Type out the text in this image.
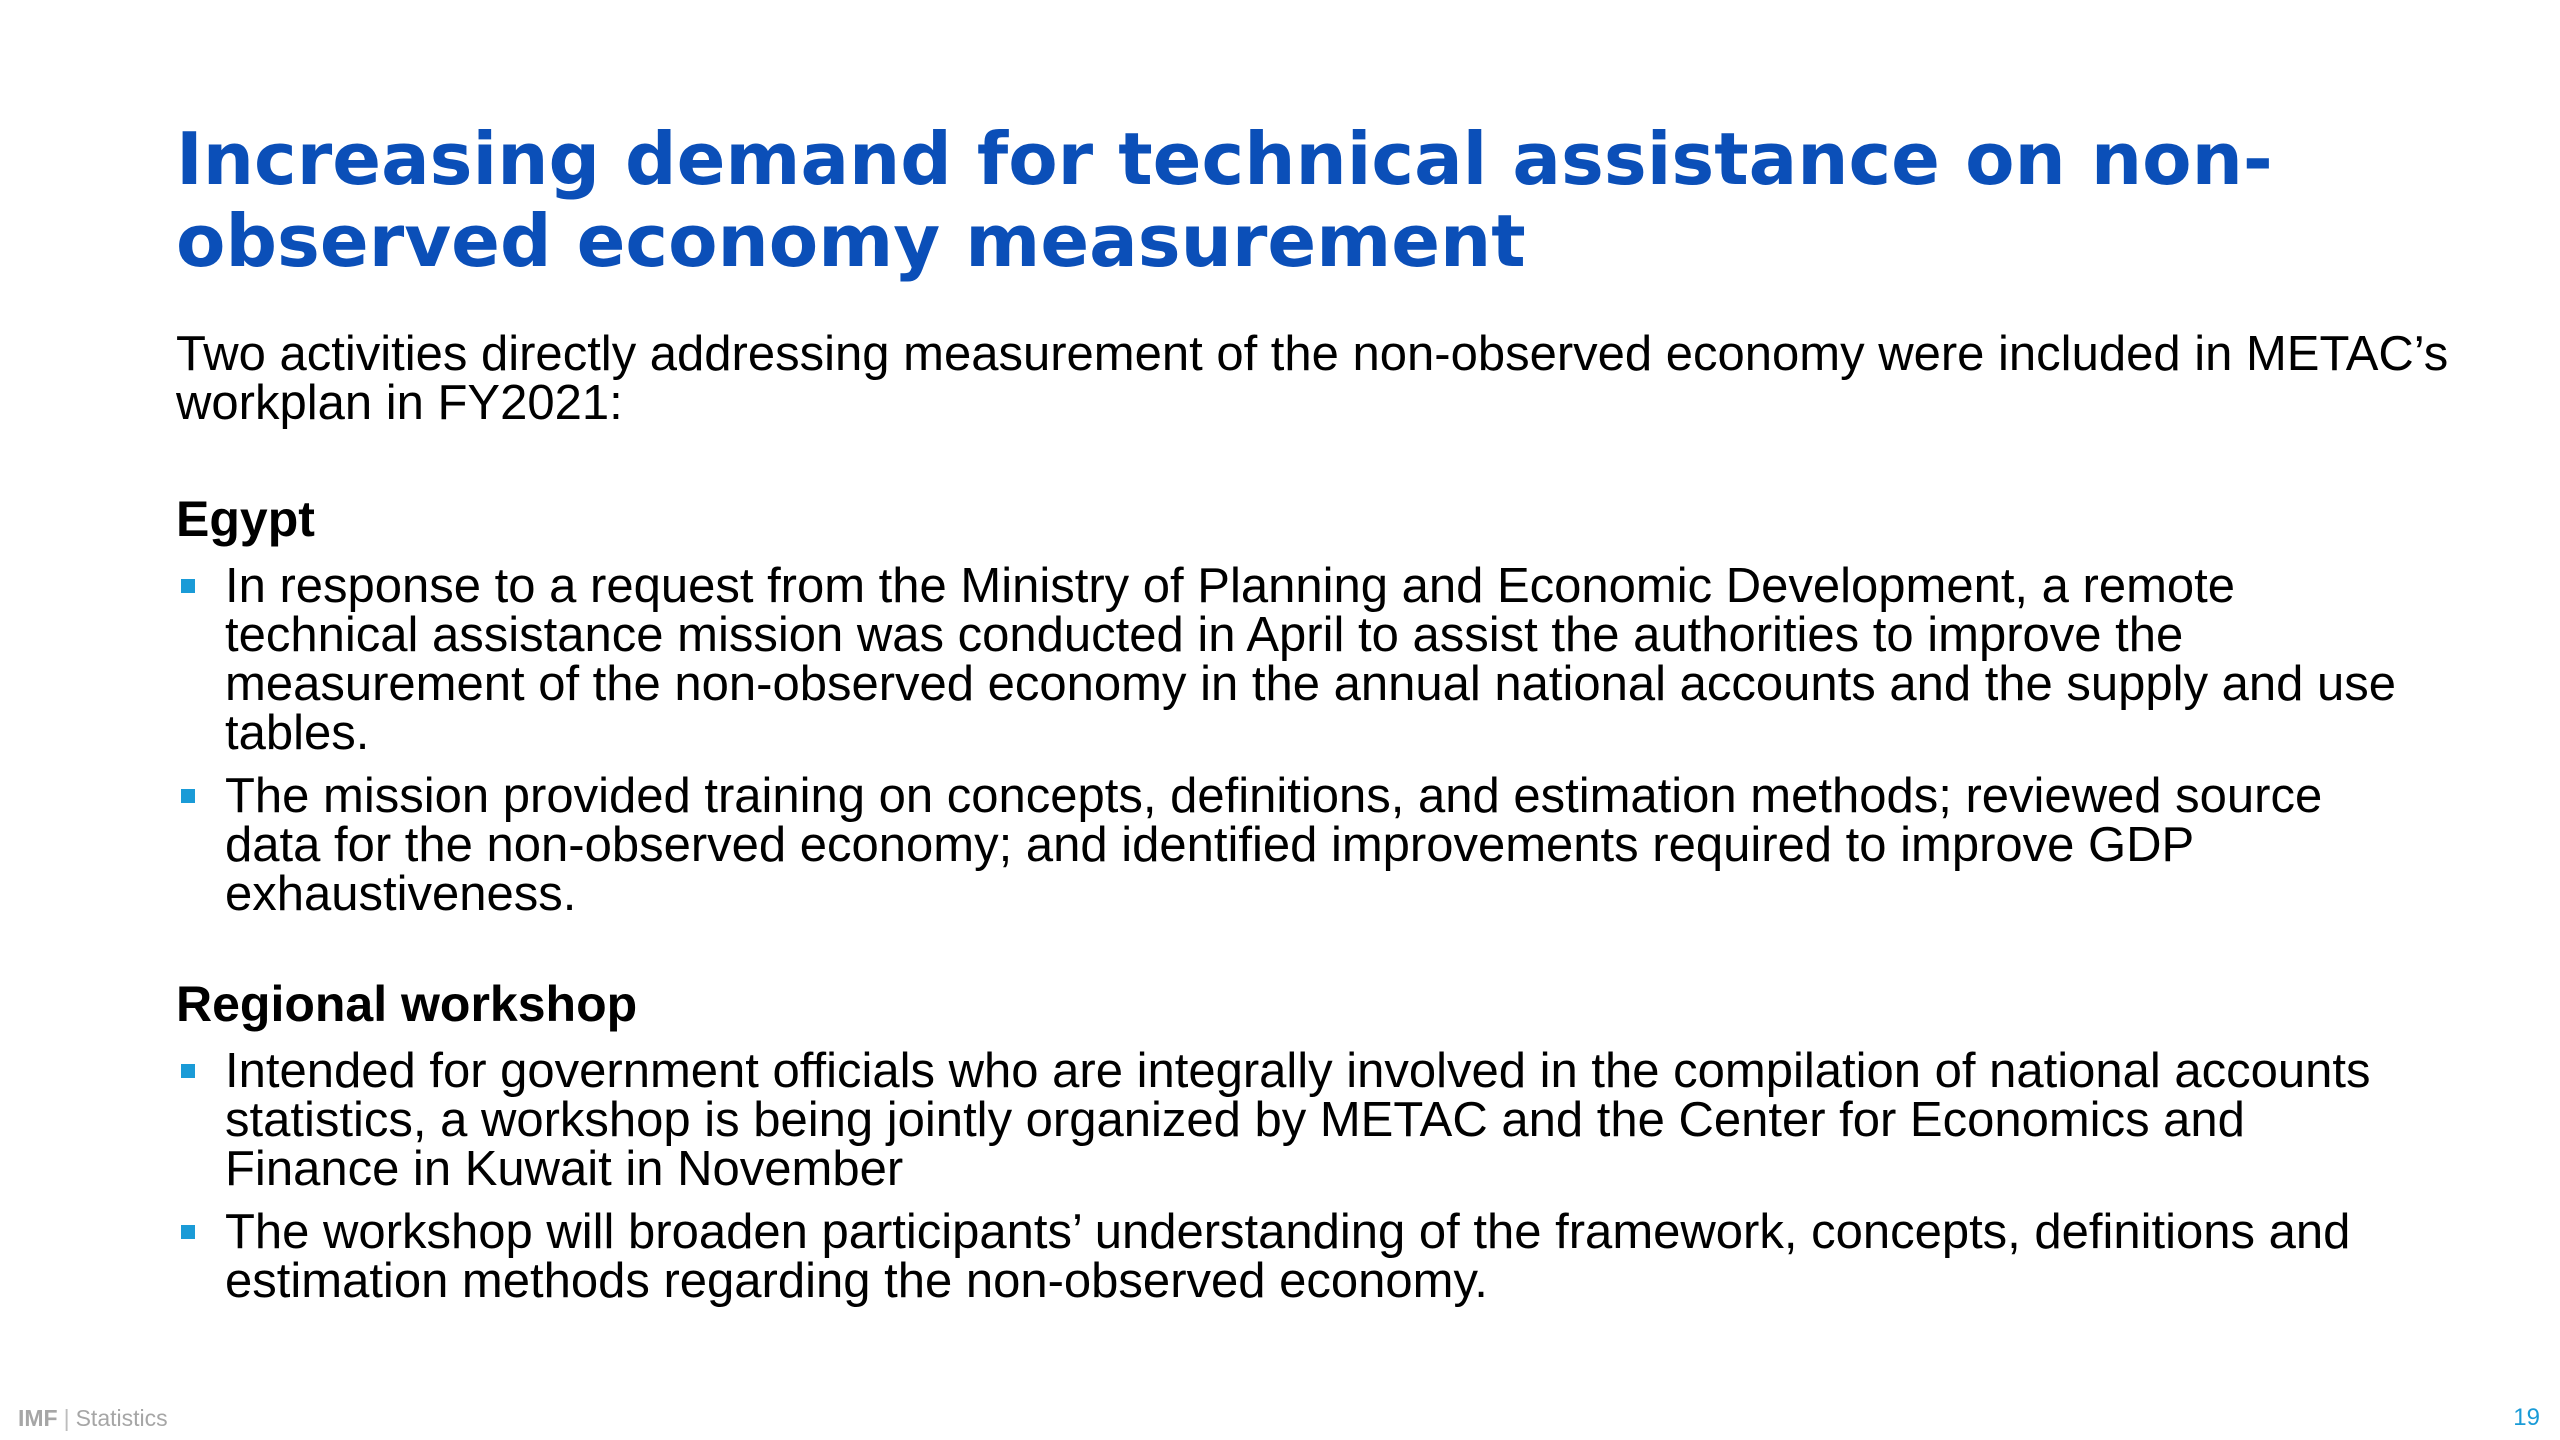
Increasing demand for technical assistance on non-observed economy measurement

Two activities directly addressing measurement of the non-observed economy were included in METAC’s workplan in FY2021:

Egypt
In response to a request from the Ministry of Planning and Economic Development, a remote technical assistance mission was conducted in April to assist the authorities to improve the measurement of the non-observed economy in the annual national accounts and the supply and use tables.
The mission provided training on concepts, definitions, and estimation methods; reviewed source data for the non-observed economy; and identified improvements required to improve GDP exhaustiveness.
Regional workshop
Intended for government officials who are integrally involved in the compilation of national accounts statistics, a workshop is being jointly organized by METAC and the Center for Economics and Finance in Kuwait in November
The workshop will broaden participants’ understanding of the framework, concepts, definitions and estimation methods regarding the non-observed economy.
IMF | Statistics	19
